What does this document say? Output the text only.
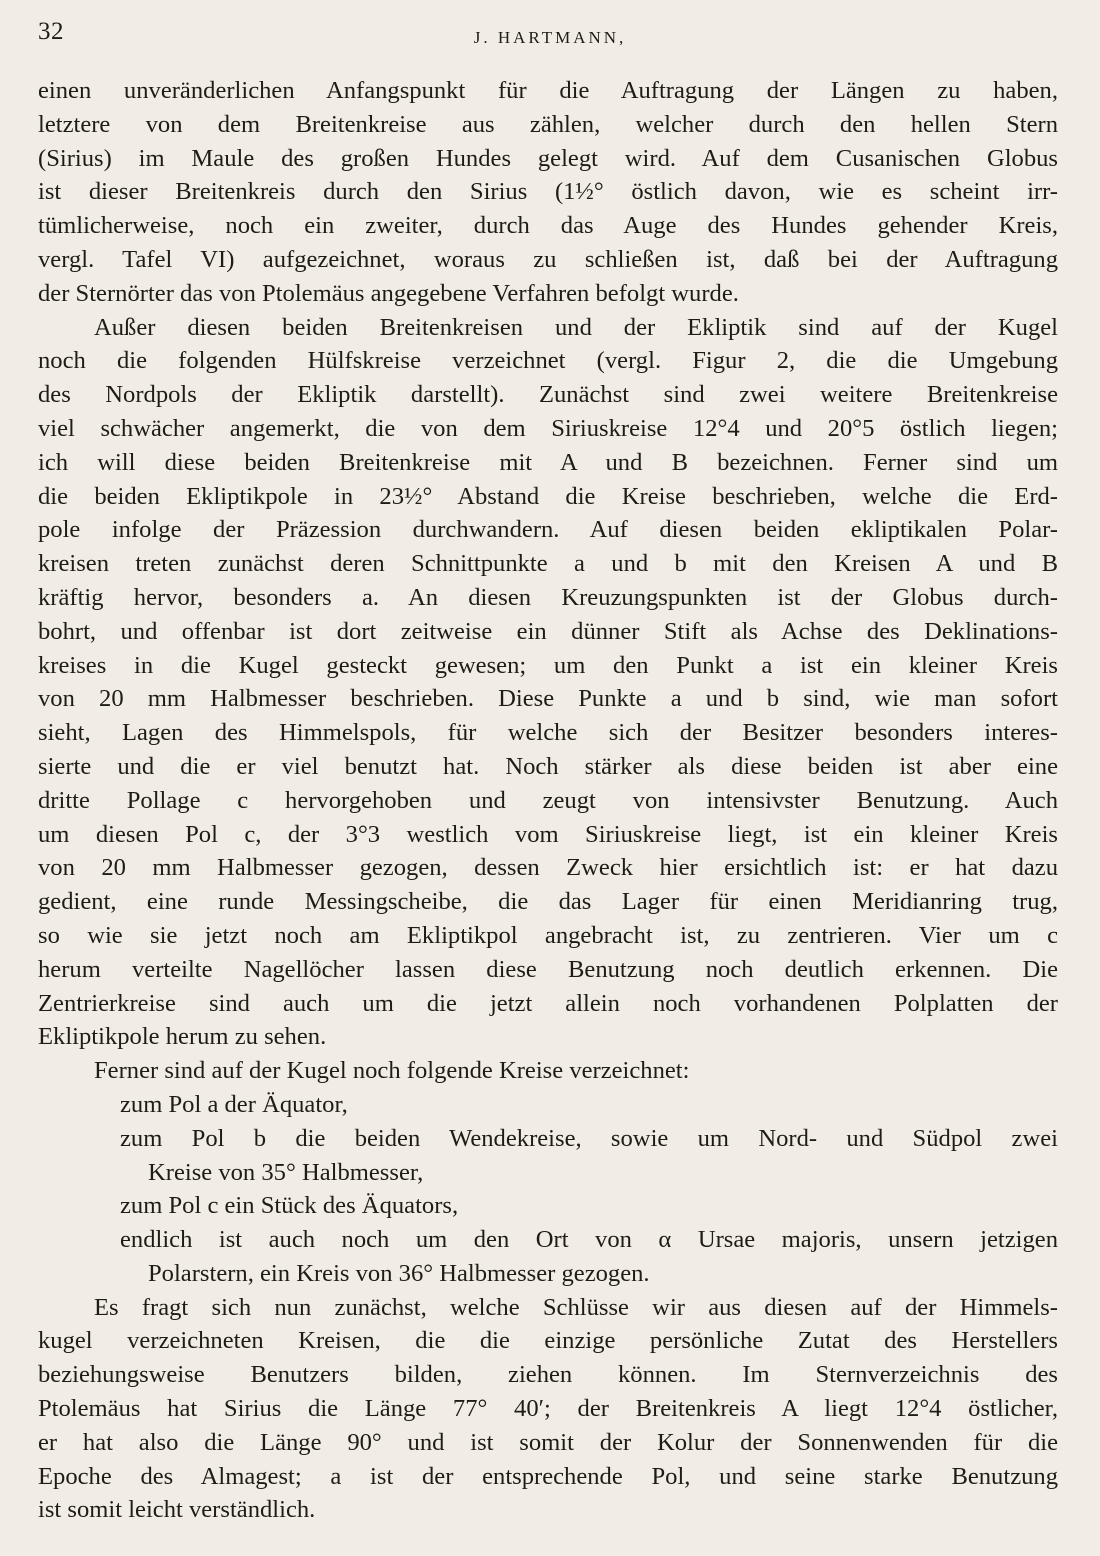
32	J. HARTMANN,
einen unveränderlichen Anfangspunkt für die Auftragung der Längen zu haben,
letztere von dem Breitenkreise aus zählen, welcher durch den hellen Stern
(Sirius) im Maule des großen Hundes gelegt wird. Auf dem Cusanischen Globus
ist dieser Breitenkreis durch den Sirius (1½° östlich davon, wie es scheint irr-
tümlicherweise, noch ein zweiter, durch das Auge des Hundes gehender Kreis,
vergl. Tafel VI) aufgezeichnet, woraus zu schließen ist, daß bei der Auftragung
der Sternörter das von Ptolemäus angegebene Verfahren befolgt wurde.
Außer diesen beiden Breitenkreisen und der Ekliptik sind auf der Kugel
noch die folgenden Hülfskreise verzeichnet (vergl. Figur 2, die die Umgebung
des Nordpols der Ekliptik darstellt). Zunächst sind zwei weitere Breitenkreise
viel schwächer angemerkt, die von dem Siriuskreise 12°4 und 20°5 östlich liegen;
ich will diese beiden Breitenkreise mit A und B bezeichnen. Ferner sind um
die beiden Ekliptikpole in 23½° Abstand die Kreise beschrieben, welche die Erd-
pole infolge der Präzession durchwandern. Auf diesen beiden ekliptikalen Polar-
kreisen treten zunächst deren Schnittpunkte a und b mit den Kreisen A und B
kräftig hervor, besonders a. An diesen Kreuzungspunkten ist der Globus durch-
bohrt, und offenbar ist dort zeitweise ein dünner Stift als Achse des Deklinations-
kreises in die Kugel gesteckt gewesen; um den Punkt a ist ein kleiner Kreis
von 20 mm Halbmesser beschrieben. Diese Punkte a und b sind, wie man sofort
sieht, Lagen des Himmelspols, für welche sich der Besitzer besonders interes-
sierte und die er viel benutzt hat. Noch stärker als diese beiden ist aber eine
dritte Pollage c hervorgehoben und zeugt von intensivster Benutzung. Auch
um diesen Pol c, der 3°3 westlich vom Siriuskreise liegt, ist ein kleiner Kreis
von 20 mm Halbmesser gezogen, dessen Zweck hier ersichtlich ist: er hat dazu
gedient, eine runde Messingscheibe, die das Lager für einen Meridianring trug,
so wie sie jetzt noch am Ekliptikpol angebracht ist, zu zentrieren. Vier um c
herum verteilte Nagellöcher lassen diese Benutzung noch deutlich erkennen. Die
Zentrierkreise sind auch um die jetzt allein noch vorhandenen Polplatten der
Ekliptikpole herum zu sehen.
Ferner sind auf der Kugel noch folgende Kreise verzeichnet:
zum Pol a der Äquator,
zum Pol b die beiden Wendekreise, sowie um Nord- und Südpol zwei
Kreise von 35° Halbmesser,
zum Pol c ein Stück des Äquators,
endlich ist auch noch um den Ort von α Ursae majoris, unsern jetzigen
Polarstern, ein Kreis von 36° Halbmesser gezogen.
Es fragt sich nun zunächst, welche Schlüsse wir aus diesen auf der Himmels-
kugel verzeichneten Kreisen, die die einzige persönliche Zutat des Herstellers
beziehungsweise Benutzers bilden, ziehen können. Im Sternverzeichnis des
Ptolemäus hat Sirius die Länge 77° 40′; der Breitenkreis A liegt 12°4 östlicher,
er hat also die Länge 90° und ist somit der Kolur der Sonnenwenden für die
Epoche des Almagest; a ist der entsprechende Pol, und seine starke Benutzung
ist somit leicht verständlich.
